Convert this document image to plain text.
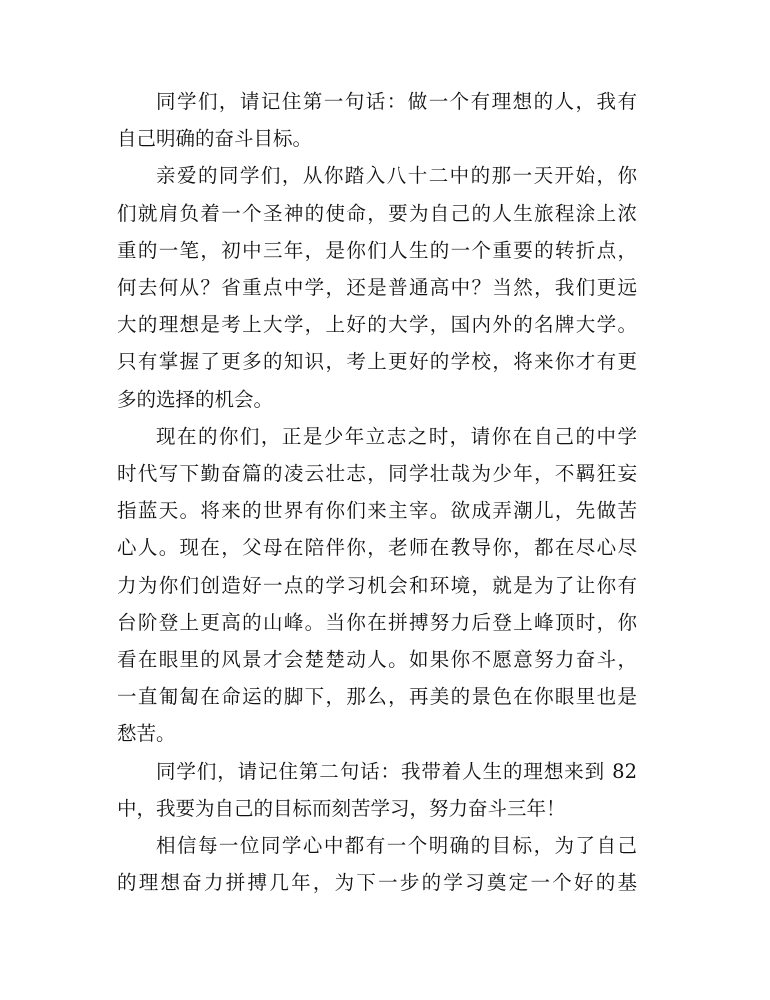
同学们，请记住第一句话：做一个有理想的人，我有
自己明确的奋斗目标。
亲爱的同学们，从你踏入八十二中的那一天开始，你
们就肩负着一个圣神的使命，要为自己的人生旅程涂上浓
重的一笔，初中三年，是你们人生的一个重要的转折点，
何去何从？省重点中学，还是普通高中？当然，我们更远
大的理想是考上大学，上好的大学，国内外的名牌大学。
只有掌握了更多的知识，考上更好的学校，将来你才有更
多的选择的机会。
现在的你们，正是少年立志之时，请你在自己的中学
时代写下勤奋篇的凌云壮志，同学壮哉为少年，不羁狂妄
指蓝天。将来的世界有你们来主宰。欲成弄潮儿，先做苦
心人。现在，父母在陪伴你，老师在教导你，都在尽心尽
力为你们创造好一点的学习机会和环境，就是为了让你有
台阶登上更高的山峰。当你在拼搏努力后登上峰顶时，你
看在眼里的风景才会楚楚动人。如果你不愿意努力奋斗，
一直匍匐在命运的脚下，那么，再美的景色在你眼里也是
愁苦。
同学们，请记住第二句话：我带着人生的理想来到 82
中，我要为自己的目标而刻苦学习，努力奋斗三年！
相信每一位同学心中都有一个明确的目标，为了自己
的理想奋力拼搏几年，为下一步的学习奠定一个好的基
